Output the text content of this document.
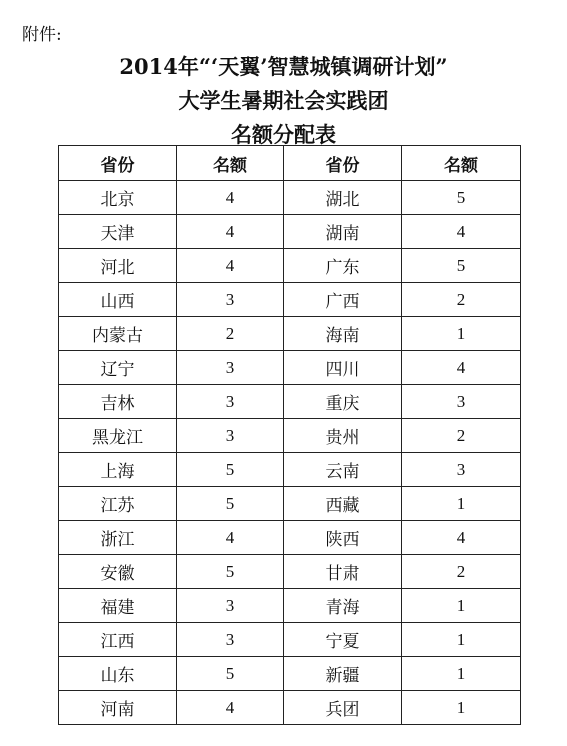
附件:

2014年“‘天翼’智慧城镇调研计划”

大学生暑期社会实践团

名额分配表

省份	名额	省份	名额
北京	4	湖北	5
天津	4	湖南	4
河北	4	广东	5
山西	3	广西	2
内蒙古	2	海南	1
辽宁	3	四川	4
吉林	3	重庆	3
黑龙江	3	贵州	2
上海	5	云南	3
江苏	5	西藏	1
浙江	4	陕西	4
安徽	5	甘肃	2
福建	3	青海	1
江西	3	宁夏	1
山东	5	新疆	1
河南	4	兵团	1
